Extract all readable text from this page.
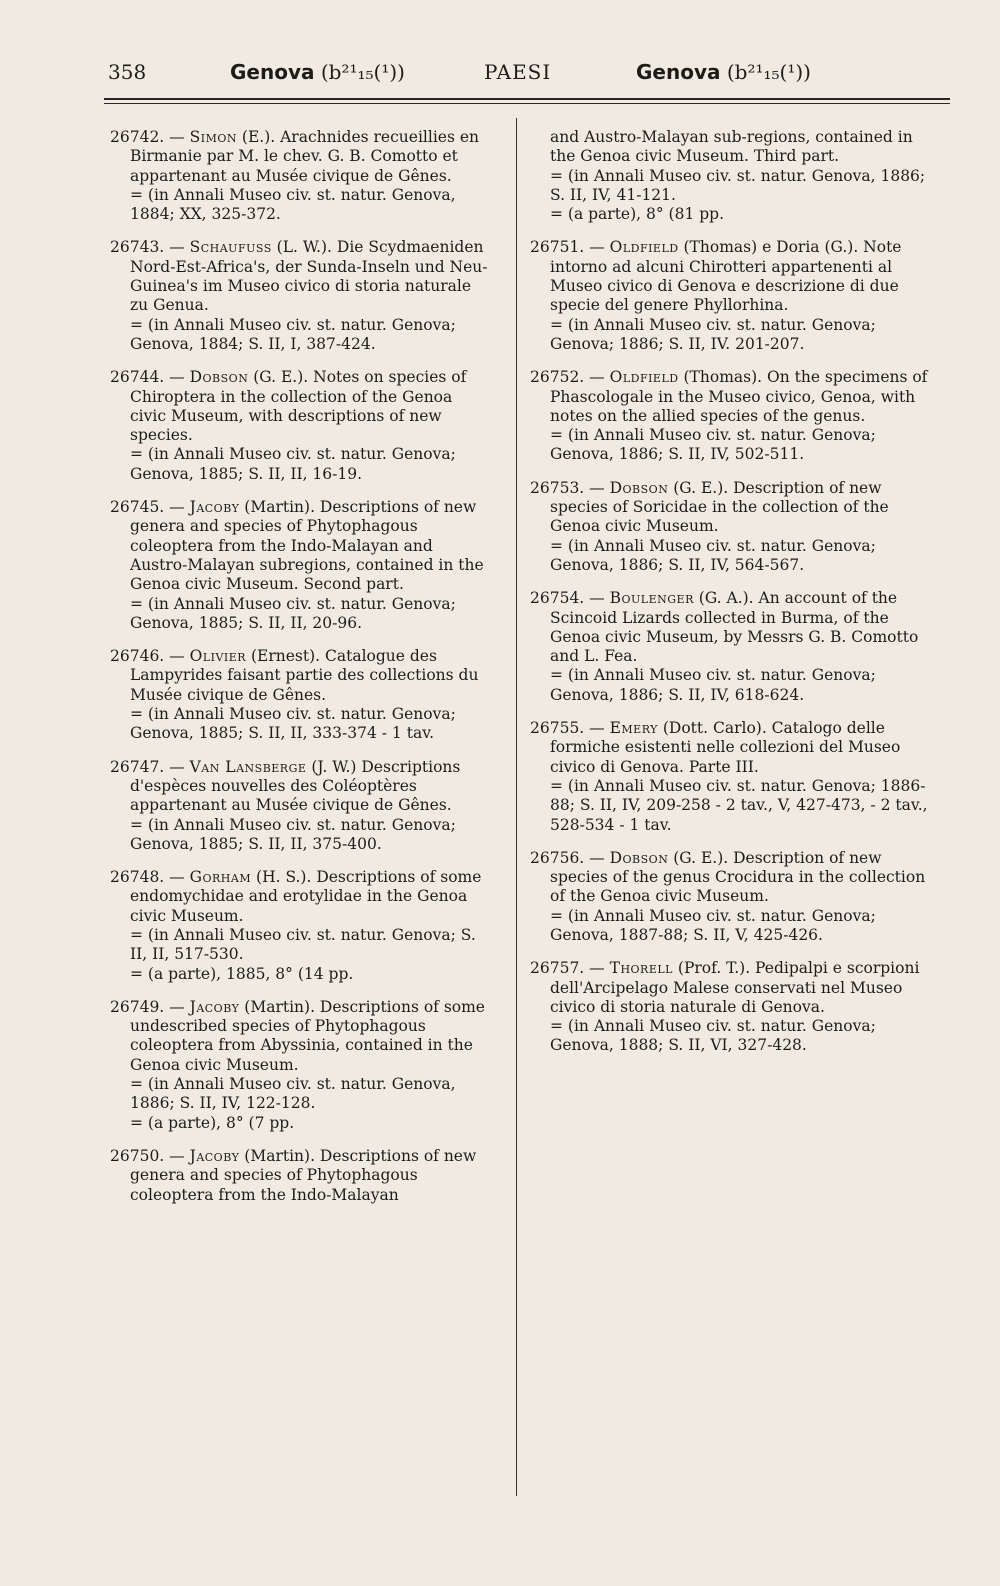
358	Genova (b²¹₁₅(¹))	PAESI	Genova (b²¹₁₅(¹))
26742. — Simon (E.). Arachnides recueillies en Birmanie par M. le chev. G. B. Comotto et appartenant au Musée civique de Gênes.
= (in Annali Museo civ. st. natur. Genova, 1884; XX, 325-372.
26743. — Schaufuss (L. W.). Die Scydmaeniden Nord-Est-Africa's, der Sunda-Inseln und Neu-Guinea's im Museo civico di storia naturale zu Genua.
= (in Annali Museo civ. st. natur. Genova; Genova, 1884; S. II, I, 387-424.
26744. — Dobson (G. E.). Notes on species of Chiroptera in the collection of the Genoa civic Museum, with descriptions of new species.
= (in Annali Museo civ. st. natur. Genova; Genova, 1885; S. II, II, 16-19.
26745. — Jacoby (Martin). Descriptions of new genera and species of Phytophagous coleoptera from the Indo-Malayan and Austro-Malayan subregions, contained in the Genoa civic Museum. Second part.
= (in Annali Museo civ. st. natur. Genova; Genova, 1885; S. II, II, 20-96.
26746. — Olivier (Ernest). Catalogue des Lampyrides faisant partie des collections du Musée civique de Gênes.
= (in Annali Museo civ. st. natur. Genova; Genova, 1885; S. II, II, 333-374 - 1 tav.
26747. — Van Lansberge (J. W.) Descriptions d'espèces nouvelles des Coléoptères appartenant au Musée civique de Gênes.
= (in Annali Museo civ. st. natur. Genova; Genova, 1885; S. II, II, 375-400.
26748. — Gorham (H. S.). Descriptions of some endomychidae and erotylidae in the Genoa civic Museum.
= (in Annali Museo civ. st. natur. Genova; S. II, II, 517-530.
= (a parte), 1885, 8° (14 pp.
26749. — Jacoby (Martin). Descriptions of some undescribed species of Phytophagous coleoptera from Abyssinia, contained in the Genoa civic Museum.
= (in Annali Museo civ. st. natur. Genova, 1886; S. II, IV, 122-128.
= (a parte), 8° (7 pp.
26750. — Jacoby (Martin). Descriptions of new genera and species of Phytophagous coleoptera from the Indo-Malayan
and Austro-Malayan sub-regions, contained in the Genoa civic Museum. Third part.
= (in Annali Museo civ. st. natur. Genova, 1886; S. II, IV, 41-121.
= (a parte), 8° (81 pp.
26751. — Oldfield (Thomas) e Doria (G.). Note intorno ad alcuni Chirotteri appartenenti al Museo civico di Genova e descrizione di due specie del genere Phyllorhina.
= (in Annali Museo civ. st. natur. Genova; Genova; 1886; S. II, IV. 201-207.
26752. — Oldfield (Thomas). On the specimens of Phascologale in the Museo civico, Genoa, with notes on the allied species of the genus.
= (in Annali Museo civ. st. natur. Genova; Genova, 1886; S. II, IV, 502-511.
26753. — Dobson (G. E.). Description of new species of Soricidae in the collection of the Genoa civic Museum.
= (in Annali Museo civ. st. natur. Genova; Genova, 1886; S. II, IV, 564-567.
26754. — Boulenger (G. A.). An account of the Scincoid Lizards collected in Burma, of the Genoa civic Museum, by Messrs G. B. Comotto and L. Fea.
= (in Annali Museo civ. st. natur. Genova; Genova, 1886; S. II, IV, 618-624.
26755. — Emery (Dott. Carlo). Catalogo delle formiche esistenti nelle collezioni del Museo civico di Genova. Parte III.
= (in Annali Museo civ. st. natur. Genova; 1886-88; S. II, IV, 209-258 - 2 tav., V, 427-473, - 2 tav., 528-534 - 1 tav.
26756. — Dobson (G. E.). Description of new species of the genus Crocidura in the collection of the Genoa civic Museum.
= (in Annali Museo civ. st. natur. Genova; Genova, 1887-88; S. II, V, 425-426.
26757. — Thorell (Prof. T.). Pedipalpi e scorpioni dell'Arcipelago Malese conservati nel Museo civico di storia naturale di Genova.
= (in Annali Museo civ. st. natur. Genova; Genova, 1888; S. II, VI, 327-428.
